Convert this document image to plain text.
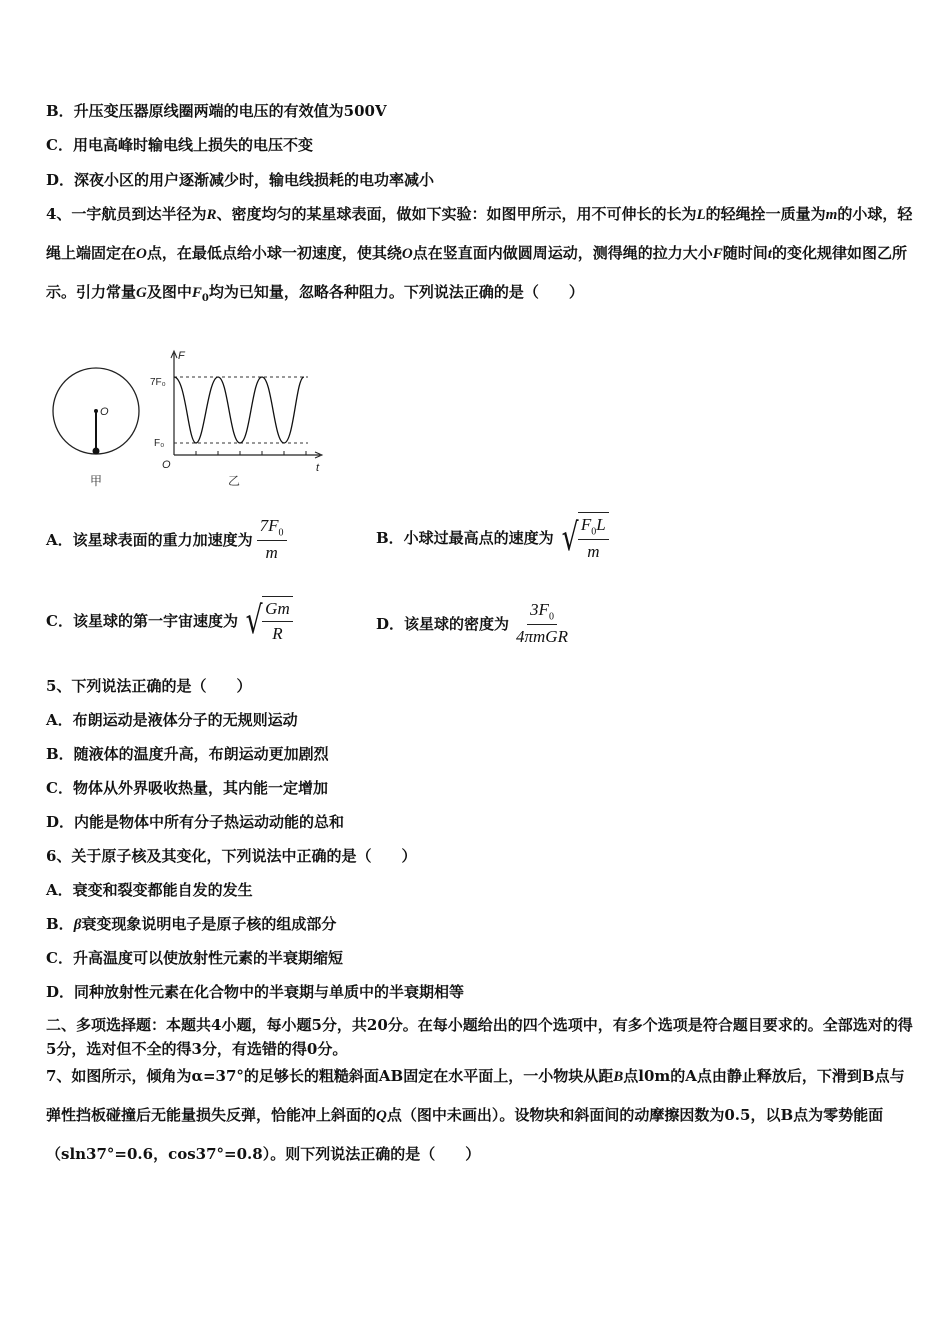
B．升压变压器原线圈两端的电压的有效值为500V
C．用电高峰时输电线上损失的电压不变
D．深夜小区的用户逐渐减少时，输电线损耗的电功率减小
4、一宇航员到达半径为R、密度均匀的某星球表面，做如下实验：如图甲所示，用不可伸长的长为L的轻绳拴一质量为m的小球，轻绳上端固定在O点，在最低点给小球一初速度，使其绕O点在竖直面内做圆周运动，测得绳的拉力大小F随时间t的变化规律如图乙所示。引力常量G及图中$F_0$均为已知量，忽略各种阻力。下列说法正确的是（　　）
O
甲
F
t
O
7F₀
F₀
乙
A．该星球表面的重力加速度为 $\frac{7F_0}{m}$	B．小球过最高点的速度为 √ $\frac{F_0L}{m}$
C．该星球的第一宇宙速度为 √ $\frac{Gm}{R}$	D．该星球的密度为 $\frac{3F_0}{\text{4πmGR}}$
5、下列说法正确的是（　　）
A．布朗运动是液体分子的无规则运动
B．随液体的温度升高，布朗运动更加剧烈
C．物体从外界吸收热量，其内能一定增加
D．内能是物体中所有分子热运动动能的总和
6、关于原子核及其变化，下列说法中正确的是（　　）
A．衰变和裂变都能自发的发生
B．β衰变现象说明电子是原子核的组成部分
C．升高温度可以使放射性元素的半衰期缩短
D．同种放射性元素在化合物中的半衰期与单质中的半衰期相等
二、多项选择题：本题共4小题，每小题5分，共20分。在每小题给出的四个选项中，有多个选项是符合题目要求的。全部选对的得5分，选对但不全的得3分，有选错的得0分。
7、如图所示，倾角为α=37°的足够长的粗糙斜面AB固定在水平面上，一小物块从距B点l0m的A点由静止释放后，下滑到B点与弹性挡板碰撞后无能量损失反弹，恰能冲上斜面的Q点（图中未画出）。设物块和斜面间的动摩擦因数为0.5，以B点为零势能面（sln37°=0.6，cos37°=0.8）。则下列说法正确的是（　　）
